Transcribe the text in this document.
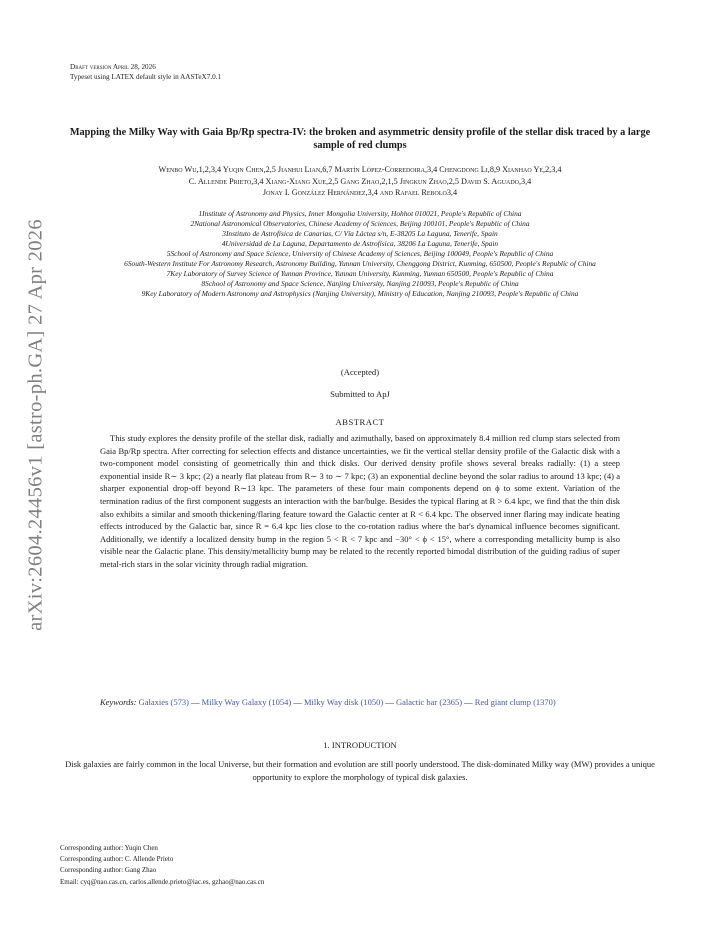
arXiv:2604.24456v1 [astro-ph.GA] 27 Apr 2026
Draft version April 28, 2026
Typeset using LATEX default style in AASTeX7.0.1
Mapping the Milky Way with Gaia Bp/Rp spectra-IV: the broken and asymmetric density profile of the stellar disk traced by a large sample of red clumps
Wenbo Wu,1,2,3,4 Yuqin Chen,2,5 Jianhui Lian,6,7 Martín López-Corredoira,3,4 Chengdong Li,8,9 Xianhao Ye,2,3,4
C. Allende Prieto,3,4 Xiang-Xiang Xue,2,5 Gang Zhao,2,1,5 Jingkun Zhao,2,5 David S. Aguado,3,4
Jonay I. González Hernández,3,4 and Rafael Rebolo3,4
1Institute of Astronomy and Physics, Inner Mongolia University, Hohhot 010021, People's Republic of China
2National Astronomical Observatories, Chinese Academy of Sciences, Beijing 100101, People's Republic of China
3Instituto de Astrofísica de Canarias, C/ Vía Láctea s/n, E-38205 La Laguna, Tenerife, Spain
4Universidad de La Laguna, Departamento de Astrofísica, 38206 La Laguna, Tenerife, Spain
5School of Astronomy and Space Science, University of Chinese Academy of Sciences, Beijing 100049, People's Republic of China
6South-Western Institute For Astronomy Research, Astronomy Building, Yunnan University, Chenggong District, Kunming, 650500, People's Republic of China
7Key Laboratory of Survey Science of Yunnan Province, Yunnan University, Kunming, Yunnan 650500, People's Republic of China
8School of Astronomy and Space Science, Nanjing University, Nanjing 210093, People's Republic of China
9Key Laboratory of Modern Astronomy and Astrophysics (Nanjing University), Ministry of Education, Nanjing 210093, People's Republic of China
(Accepted)
Submitted to ApJ
ABSTRACT
This study explores the density profile of the stellar disk, radially and azimuthally, based on approximately 8.4 million red clump stars selected from Gaia Bp/Rp spectra. After correcting for selection effects and distance uncertainties, we fit the vertical stellar density profile of the Galactic disk with a two-component model consisting of geometrically thin and thick disks. Our derived density profile shows several breaks radially: (1) a steep exponential inside R∼ 3 kpc; (2) a nearly flat plateau from R∼ 3 to ∼ 7 kpc; (3) an exponential decline beyond the solar radius to around 13 kpc; (4) a sharper exponential drop-off beyond R∼13 kpc. The parameters of these four main components depend on ϕ to some extent. Variation of the termination radius of the first component suggests an interaction with the bar/bulge. Besides the typical flaring at R > 6.4 kpc, we find that the thin disk also exhibits a similar and smooth thickening/flaring feature toward the Galactic center at R < 6.4 kpc. The observed inner flaring may indicate heating effects introduced by the Galactic bar, since R = 6.4 kpc lies close to the co-rotation radius where the bar's dynamical influence becomes significant. Additionally, we identify a localized density bump in the region 5 < R < 7 kpc and −30° < ϕ < 15°, where a corresponding metallicity bump is also visible near the Galactic plane. This density/metallicity bump may be related to the recently reported bimodal distribution of the guiding radius of super metal-rich stars in the solar vicinity through radial migration.
Keywords: Galaxies (573) — Milky Way Galaxy (1054) — Milky Way disk (1050) — Galactic bar (2365) — Red giant clump (1370)
1. INTRODUCTION
Disk galaxies are fairly common in the local Universe, but their formation and evolution are still poorly understood. The disk-dominated Milky way (MW) provides a unique opportunity to explore the morphology of typical disk galaxies.
Corresponding author: Yuqin Chen
Corresponding author: C. Allende Prieto
Corresponding author: Gang Zhao
Email: cyq@nao.cas.cn, carlos.allende.prieto@iac.es, gzhao@nao.cas.cn
